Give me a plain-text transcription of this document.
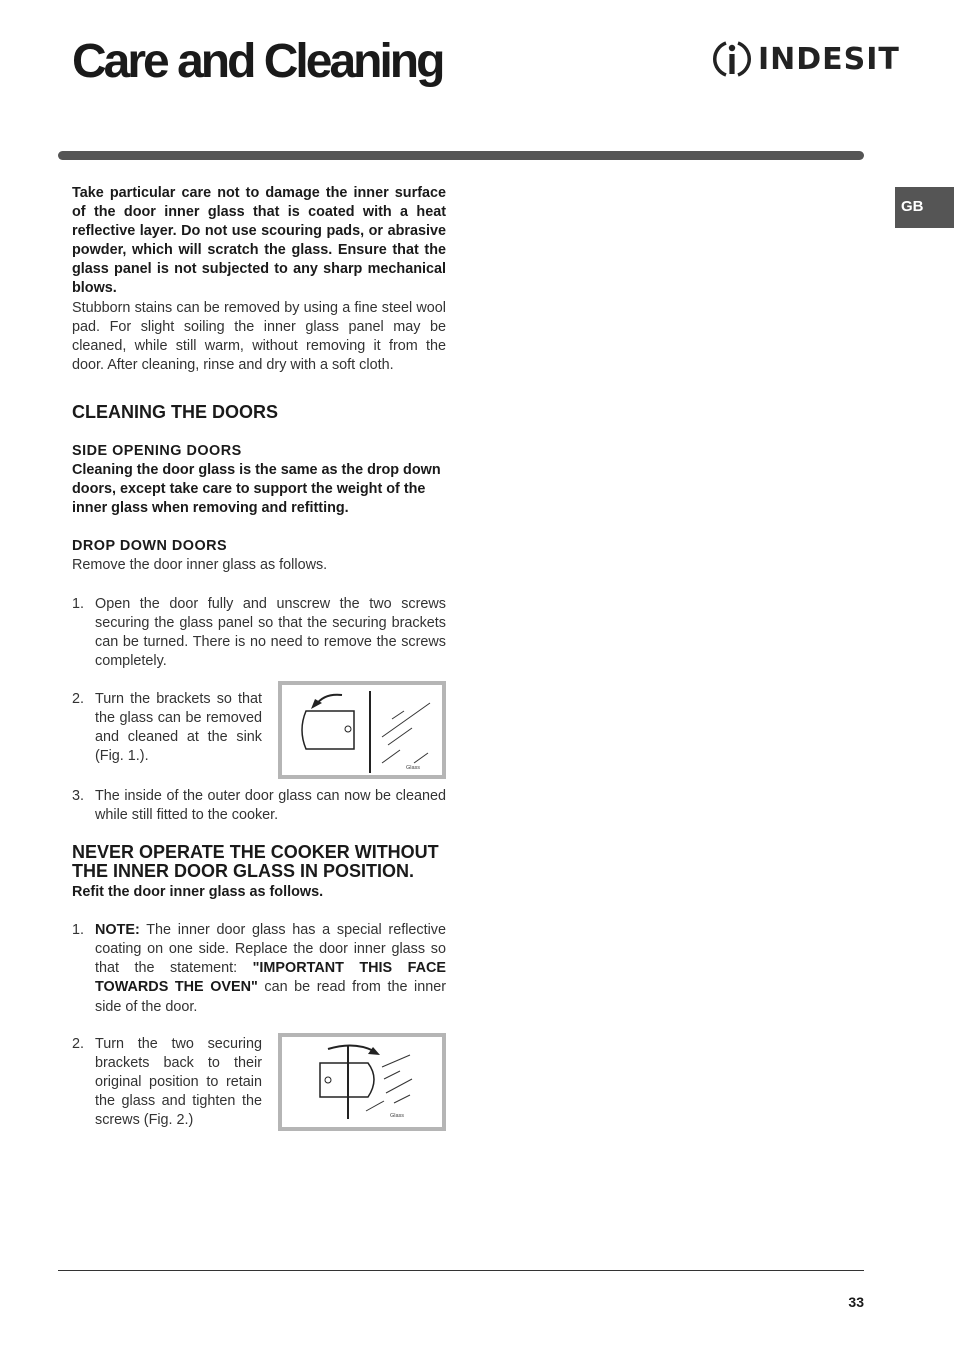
Care and Cleaning	INDESIT
GB

Take particular care not to damage the inner surface of the door inner glass that is coated with a heat reflective layer. Do not use scouring pads, or abrasive powder, which will scratch the glass. Ensure that the glass panel is not subjected to any sharp mechanical blows.

Stubborn stains can be removed by using a fine steel wool pad. For slight soiling the inner glass panel may be cleaned, while still warm, without removing it from the door. After cleaning, rinse and dry with a soft cloth.

CLEANING THE DOORS

SIDE OPENING DOORS

Cleaning the door glass is the same as the drop down doors, except take care to support the weight of the inner glass when removing and refitting.

DROP DOWN DOORS

Remove the door inner glass as follows.

1. Open the door fully and unscrew the two screws securing the glass panel so that the securing brackets can be turned. There is no need to remove the screws completely.
2. Turn the brackets so that the glass can be removed and cleaned at the sink (Fig. 1.).
Glass
3. The inside of the outer door glass can now be cleaned while still fitted to the cooker.

NEVER OPERATE THE COOKER WITHOUT THE INNER DOOR GLASS IN POSITION.

Refit the door inner glass as follows.

1. NOTE: The inner door glass has a special reflective coating on one side. Replace the door inner glass so that the statement: "IMPORTANT THIS FACE TOWARDS THE OVEN" can be read from the inner side of the door.
2. Turn the two securing brackets back to their original position to retain the glass and tighten the screws (Fig. 2.)	Glass
33
